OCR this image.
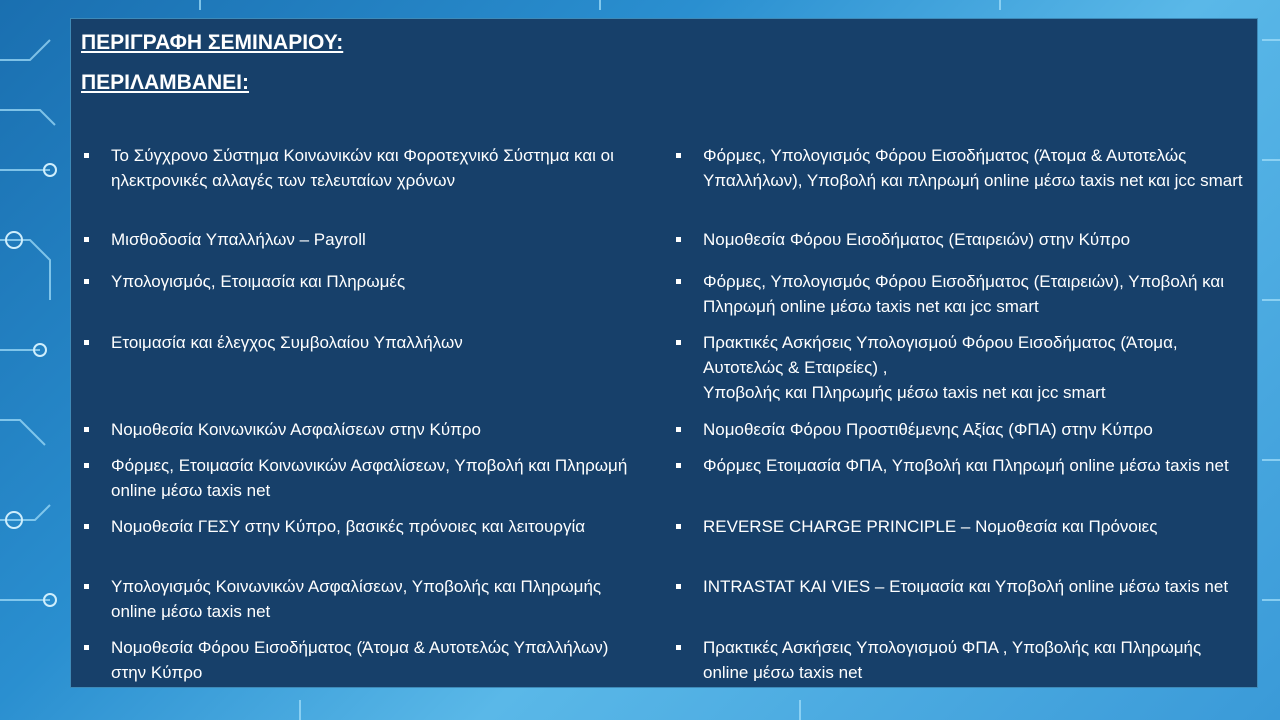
ΠΕΡΙΓΡΑΦΗ ΣΕΜΙΝΑΡΙΟΥ:
ΠΕΡΙΛΑΜΒΑΝΕΙ:
Το Σύγχρονο Σύστημα Κοινωνικών και Φοροτεχνικό Σύστημα και οι ηλεκτρονικές αλλαγές των τελευταίων χρόνων
Μισθοδοσία Υπαλλήλων – Payroll
Υπολογισμός, Ετοιμασία και Πληρωμές
Ετοιμασία και έλεγχος Συμβολαίου Υπαλλήλων
Νομοθεσία Κοινωνικών Ασφαλίσεων στην Κύπρο
Φόρμες, Ετοιμασία Κοινωνικών Ασφαλίσεων, Υποβολή και Πληρωμή online μέσω taxis net
Νομοθεσία ΓΕΣΥ στην Κύπρο, βασικές πρόνοιες και λειτουργία
Υπολογισμός Κοινωνικών Ασφαλίσεων, Υποβολής και Πληρωμής online μέσω taxis net
Νομοθεσία Φόρου Εισοδήματος (Άτομα & Αυτοτελώς Υπαλλήλων) στην Κύπρο
Φόρμες, Υπολογισμός Φόρου Εισοδήματος (Άτομα & Αυτοτελώς Υπαλλήλων), Υποβολή και πληρωμή online μέσω taxis net και jcc smart
Νομοθεσία Φόρου Εισοδήματος (Εταιρειών) στην Κύπρο
Φόρμες, Υπολογισμός Φόρου Εισοδήματος (Εταιρειών), Υποβολή και Πληρωμή online μέσω taxis net και jcc smart
Πρακτικές Ασκήσεις Υπολογισμού Φόρου Εισοδήματος (Άτομα, Αυτοτελώς & Εταιρείες) ,
Υποβολής και Πληρωμής μέσω taxis net και jcc smart
Νομοθεσία Φόρου Προστιθέμενης Αξίας (ΦΠΑ) στην Κύπρο
Φόρμες Ετοιμασία ΦΠΑ, Υποβολή και Πληρωμή online μέσω taxis net
REVERSE CHARGE PRINCIPLE – Νομοθεσία και Πρόνοιες
INTRASTAT ΚΑΙ VIES – Ετοιμασία και Υποβολή online μέσω taxis net
Πρακτικές Ασκήσεις Υπολογισμού ΦΠΑ , Υποβολής και Πληρωμής online μέσω taxis net
